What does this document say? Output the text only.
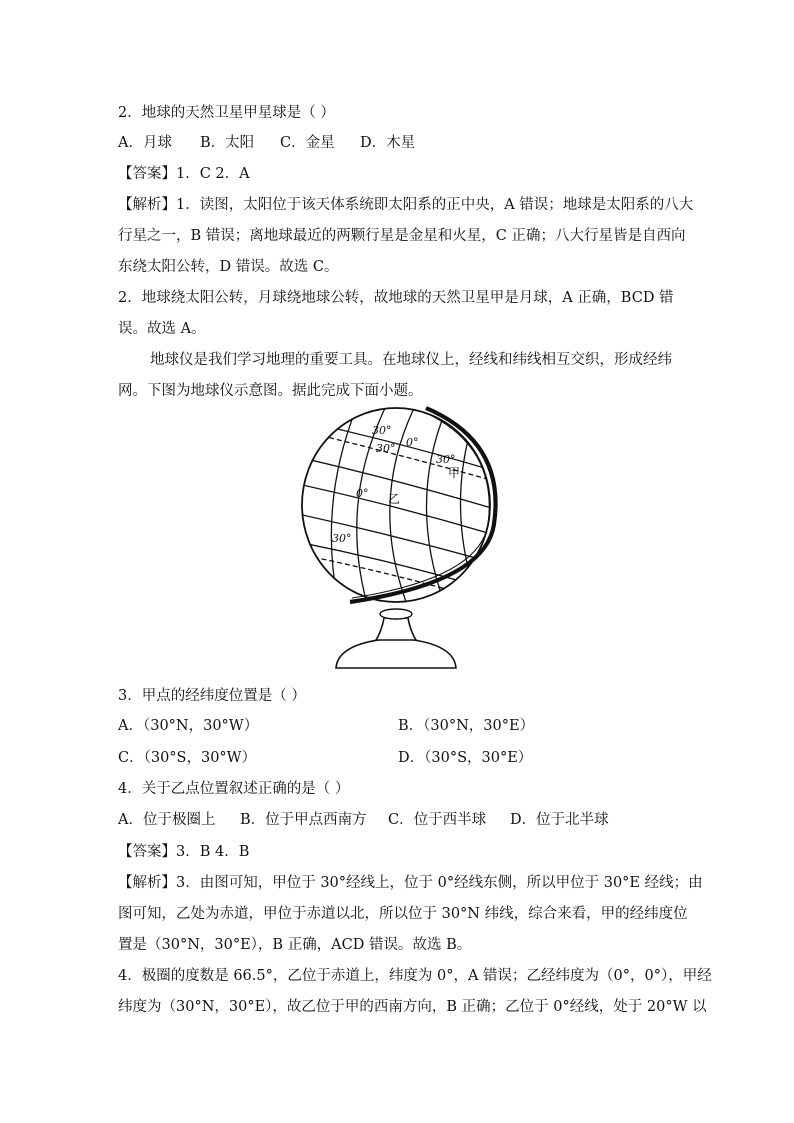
2．地球的天然卫星甲星球是（ ）
A．月球 B．太阳 C．金星 D．木星
【答案】1．C 2．A
【解析】1．读图，太阳位于该天体系统即太阳系的正中央，A 错误；地球是太阳系的八大
行星之一，B 错误；离地球最近的两颗行星是金星和火星，C 正确；八大行星皆是自西向
东绕太阳公转，D 错误。故选 C。
2．地球绕太阳公转，月球绕地球公转，故地球的天然卫星甲是月球，A 正确，BCD 错
误。故选 A。
地球仪是我们学习地理的重要工具。在地球仪上，经线和纬线相互交织，形成经纬
网。下图为地球仪示意图。据此完成下面小题。
30°
30° 0°
30°
甲
0° 乙
30°
3．甲点的经纬度位置是（ ）
A．（30°N，30°W）	B．（30°N，30°E）
C．（30°S，30°W）	D．（30°S，30°E）
4．关于乙点位置叙述正确的是（ ）
A．位于极圈上 B．位于甲点西南方 C．位于西半球 D．位于北半球
【答案】3．B 4．B
【解析】3．由图可知，甲位于 30°经线上，位于 0°经线东侧，所以甲位于 30°E 经线；由
图可知，乙处为赤道，甲位于赤道以北，所以位于 30°N 纬线，综合来看，甲的经纬度位
置是（30°N，30°E），B 正确，ACD 错误。故选 B。
4．极圈的度数是 66.5°，乙位于赤道上，纬度为 0°，A 错误；乙经纬度为（0°，0°），甲经
纬度为（30°N，30°E），故乙位于甲的西南方向，B 正确；乙位于 0°经线，处于 20°W 以
